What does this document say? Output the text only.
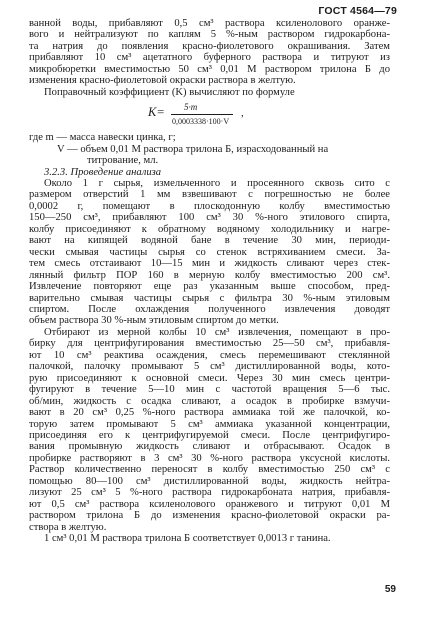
ГОСТ 4564—79
ванной воды, прибавляют 0,5 см³ раствора ксиленолового оранже-
вого и нейтрализуют по каплям 5 %-ным раствором гидрокарбона-
та натрия до появления красно-фиолетового окрашивания. Затем
прибавляют 10 см³ ацетатного буферного раствора и титруют из
микробюретки вместимостью 50 см³ 0,01 М раствором трилона Б до
изменения красно-фиолетовой окраски раствора в желтую.
Поправочный коэффициент (K) вычисляют по формуле
K= 5·m
0,0003338·100·V
,
где m — масса навески цинка, г;
V — объем 0,01 М раствора трилона Б, израсходованный на
титрование, мл.
3.2.3. Проведение анализа
Около 1 г сырья, измельченного и просеянного сквозь сито с
размером отверстий 1 мм взвешивают с погрешностью не более
0,0002 г, помещают в плоскодонную колбу вместимостью
150—250 см³, прибавляют 100 см³ 30 %-ного этилового спирта,
колбу присоединяют к обратному водяному холодильнику и нагре-
вают на кипящей водяной бане в течение 30 мин, периоди-
чески смывая частицы сырья со стенок встряхиванием смеси. За-
тем смесь отстаивают 10—15 мин и жидкость сливают через стек-
лянный фильтр ПОР 160 в мерную колбу вместимостью 200 см³.
Извлечение повторяют еще раз указанным выше способом, пред-
варительно смывая частицы сырья с фильтра 30 %-ным этиловым
спиртом. После охлаждения полученного извлечения доводят
объем раствора 30 %-ным этиловым спиртом до метки.
Отбирают из мерной колбы 10 см³ извлечения, помещают в про-
бирку для центрифугирования вместимостью 25—50 см³, прибавля-
ют 10 см³ реактива осаждения, смесь перемешивают стеклянной
палочкой, палочку промывают 5 см³ дистиллированной воды, кото-
рую присоединяют к основной смеси. Через 30 мин смесь центри-
фугируют в течение 5—10 мин с частотой вращения 5—6 тыс.
об/мин, жидкость с осадка сливают, а осадок в пробирке взмучи-
вают в 20 см³ 0,25 %-ного раствора аммиака той же палочкой, ко-
торую затем промывают 5 см³ аммиака указанной концентрации,
присоединяя его к центрифугируемой смеси. После центрифугиро-
вания промывную жидкость сливают и отбрасывают. Осадок в
пробирке растворяют в 3 см³ 30 %-ного раствора уксусной кислоты.
Раствор количественно переносят в колбу вместимостью 250 см³ с
помощью 80—100 см³ дистиллированной воды, жидкость нейтра-
лизуют 25 см³ 5 %-ного раствора гидрокарбоната натрия, прибавля-
ют 0,5 см³ раствора ксиленолового оранжевого и титруют 0,01 М
раствором трилона Б до изменения красно-фиолетовой окраски ра-
створа в желтую.
1 см³ 0,01 М раствора трилона Б соответствует 0,0013 г танина.
59
